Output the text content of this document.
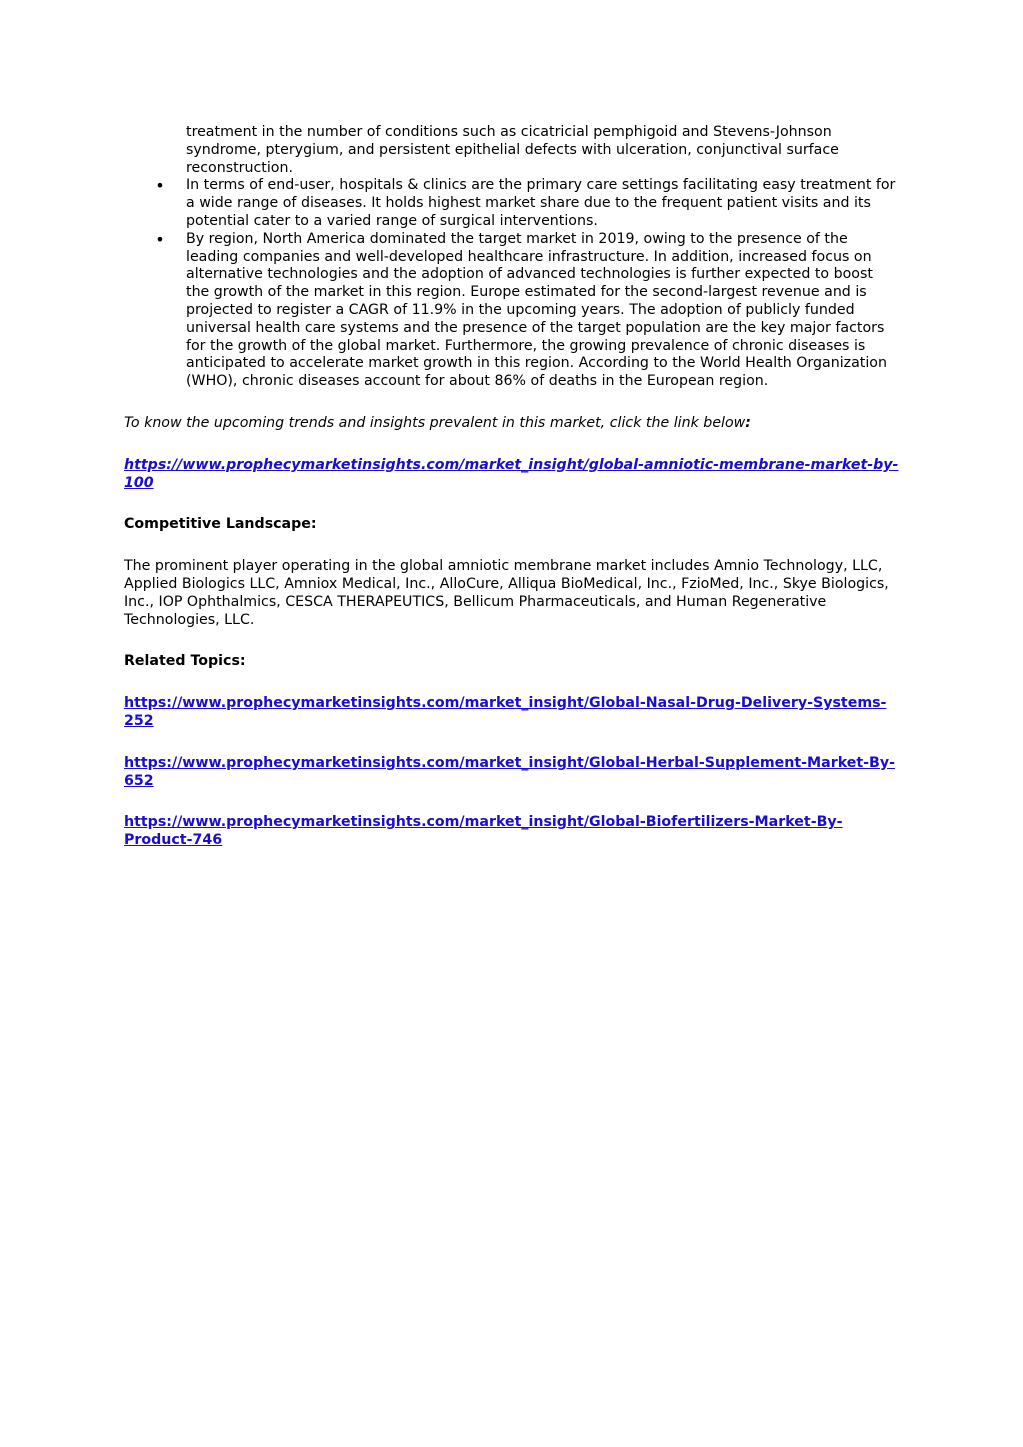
treatment in the number of conditions such as cicatricial pemphigoid and Stevens-Johnson syndrome, pterygium, and persistent epithelial defects with ulceration, conjunctival surface reconstruction.
• In terms of end-user, hospitals & clinics are the primary care settings facilitating easy treatment for a wide range of diseases. It holds highest market share due to the frequent patient visits and its potential cater to a varied range of surgical interventions.
• By region, North America dominated the target market in 2019, owing to the presence of the leading companies and well-developed healthcare infrastructure. In addition, increased focus on alternative technologies and the adoption of advanced technologies is further expected to boost the growth of the market in this region. Europe estimated for the second-largest revenue and is projected to register a CAGR of 11.9% in the upcoming years. The adoption of publicly funded universal health care systems and the presence of the target population are the key major factors for the growth of the global market. Furthermore, the growing prevalence of chronic diseases is anticipated to accelerate market growth in this region. According to the World Health Organization (WHO), chronic diseases account for about 86% of deaths in the European region.

To know the upcoming trends and insights prevalent in this market, click the link below:

https://www.prophecymarketinsights.com/market_insight/global-amniotic-membrane-market-by-100

Competitive Landscape:

The prominent player operating in the global amniotic membrane market includes Amnio Technology, LLC, Applied Biologics LLC, Amniox Medical, Inc., AlloCure, Alliqua BioMedical, Inc., FzioMed, Inc., Skye Biologics, Inc., IOP Ophthalmics, CESCA THERAPEUTICS, Bellicum Pharmaceuticals, and Human Regenerative Technologies, LLC.

Related Topics:

https://www.prophecymarketinsights.com/market_insight/Global-Nasal-Drug-Delivery-Systems-252
https://www.prophecymarketinsights.com/market_insight/Global-Herbal-Supplement-Market-By-652
https://www.prophecymarketinsights.com/market_insight/Global-Biofertilizers-Market-By-Product-746
